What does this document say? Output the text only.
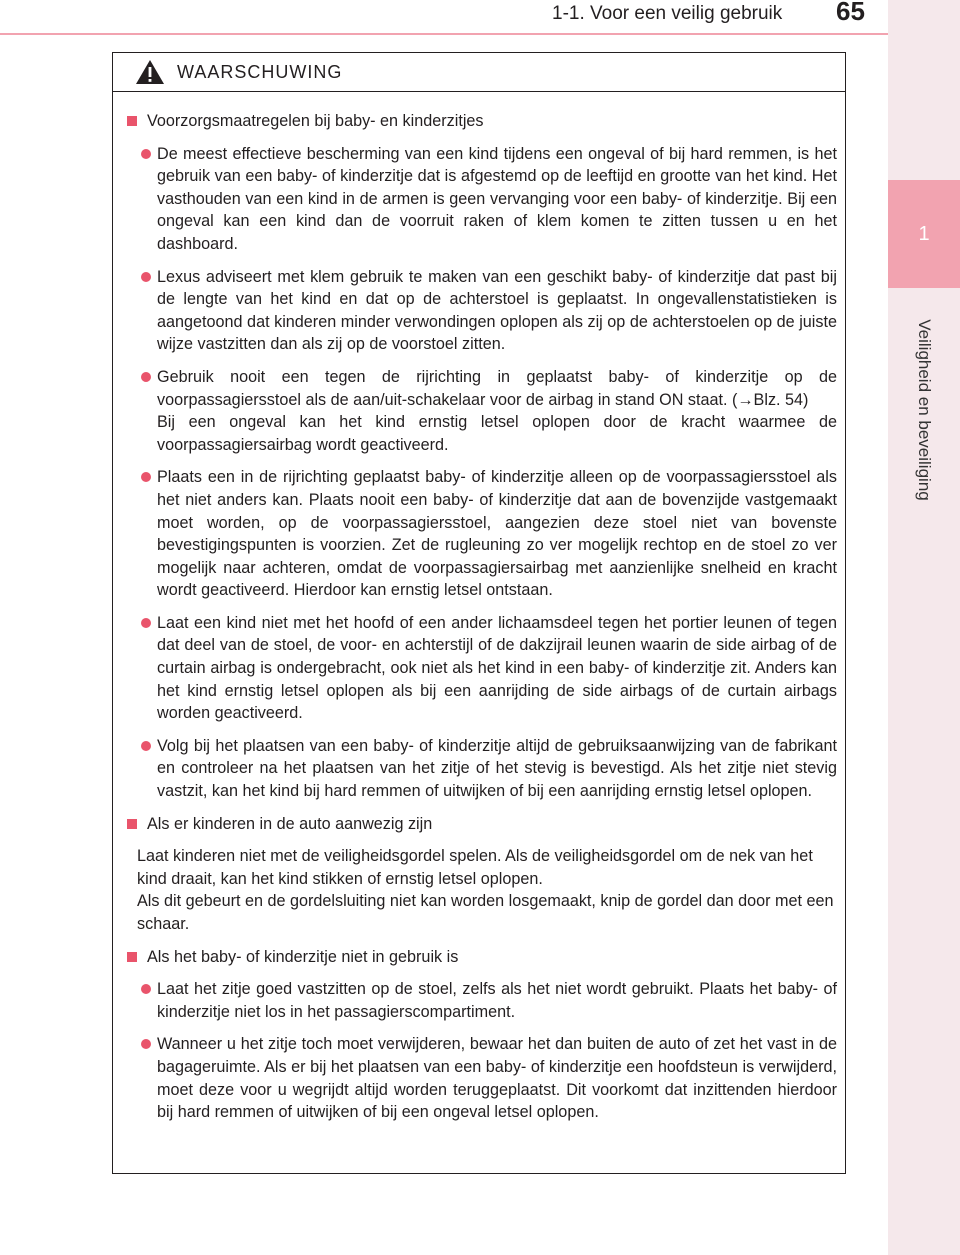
1
Veiligheid en beveiliging
1-1. Voor een veilig gebruik 65
WAARSCHUWING
Voorzorgsmaatregelen bij baby- en kinderzitjes
De meest effectieve bescherming van een kind tijdens een ongeval of bij hard remmen, is het gebruik van een baby- of kinderzitje dat is afgestemd op de leeftijd en grootte van het kind. Het vasthouden van een kind in de armen is geen vervanging voor een baby- of kinderzitje. Bij een ongeval kan een kind dan de voorruit raken of klem komen te zitten tussen u en het dashboard.
Lexus adviseert met klem gebruik te maken van een geschikt baby- of kinderzitje dat past bij de lengte van het kind en dat op de achterstoel is geplaatst. In ongevallenstatistieken is aangetoond dat kinderen minder verwondingen oplopen als zij op de achterstoelen op de juiste wijze vastzitten dan als zij op de voorstoel zitten.
Gebruik nooit een tegen de rijrichting in geplaatst baby- of kinderzitje op de voorpassagiersstoel als de aan/uit-schakelaar voor de airbag in stand ON staat. (→Blz. 54)
Bij een ongeval kan het kind ernstig letsel oplopen door de kracht waarmee de voorpassagiersairbag wordt geactiveerd.
Plaats een in de rijrichting geplaatst baby- of kinderzitje alleen op de voorpassagiersstoel als het niet anders kan. Plaats nooit een baby- of kinderzitje dat aan de bovenzijde vastgemaakt moet worden, op de voorpassagiersstoel, aangezien deze stoel niet van bovenste bevestigingspunten is voorzien. Zet de rugleuning zo ver mogelijk rechtop en de stoel zo ver mogelijk naar achteren, omdat de voorpassagiersairbag met aanzienlijke snelheid en kracht wordt geactiveerd. Hierdoor kan ernstig letsel ontstaan.
Laat een kind niet met het hoofd of een ander lichaamsdeel tegen het portier leunen of tegen dat deel van de stoel, de voor- en achterstijl of de dakzijrail leunen waarin de side airbag of de curtain airbag is ondergebracht, ook niet als het kind in een baby- of kinderzitje zit. Anders kan het kind ernstig letsel oplopen als bij een aanrijding de side airbags of de curtain airbags worden geactiveerd.
Volg bij het plaatsen van een baby- of kinderzitje altijd de gebruiksaanwijzing van de fabrikant en controleer na het plaatsen van het zitje of het stevig is bevestigd. Als het zitje niet stevig vastzit, kan het kind bij hard remmen of uitwijken of bij een aanrijding ernstig letsel oplopen.
Als er kinderen in de auto aanwezig zijn
Laat kinderen niet met de veiligheidsgordel spelen. Als de veiligheidsgordel om de nek van het kind draait, kan het kind stikken of ernstig letsel oplopen.
Als dit gebeurt en de gordelsluiting niet kan worden losgemaakt, knip de gordel dan door met een schaar.
Als het baby- of kinderzitje niet in gebruik is
Laat het zitje goed vastzitten op de stoel, zelfs als het niet wordt gebruikt. Plaats het baby- of kinderzitje niet los in het passagierscompartiment.
Wanneer u het zitje toch moet verwijderen, bewaar het dan buiten de auto of zet het vast in de bagageruimte. Als er bij het plaatsen van een baby- of kinderzitje een hoofdsteun is verwijderd, moet deze voor u wegrijdt altijd worden teruggeplaatst. Dit voorkomt dat inzittenden hierdoor bij hard remmen of uitwijken of bij een ongeval letsel oplopen.
